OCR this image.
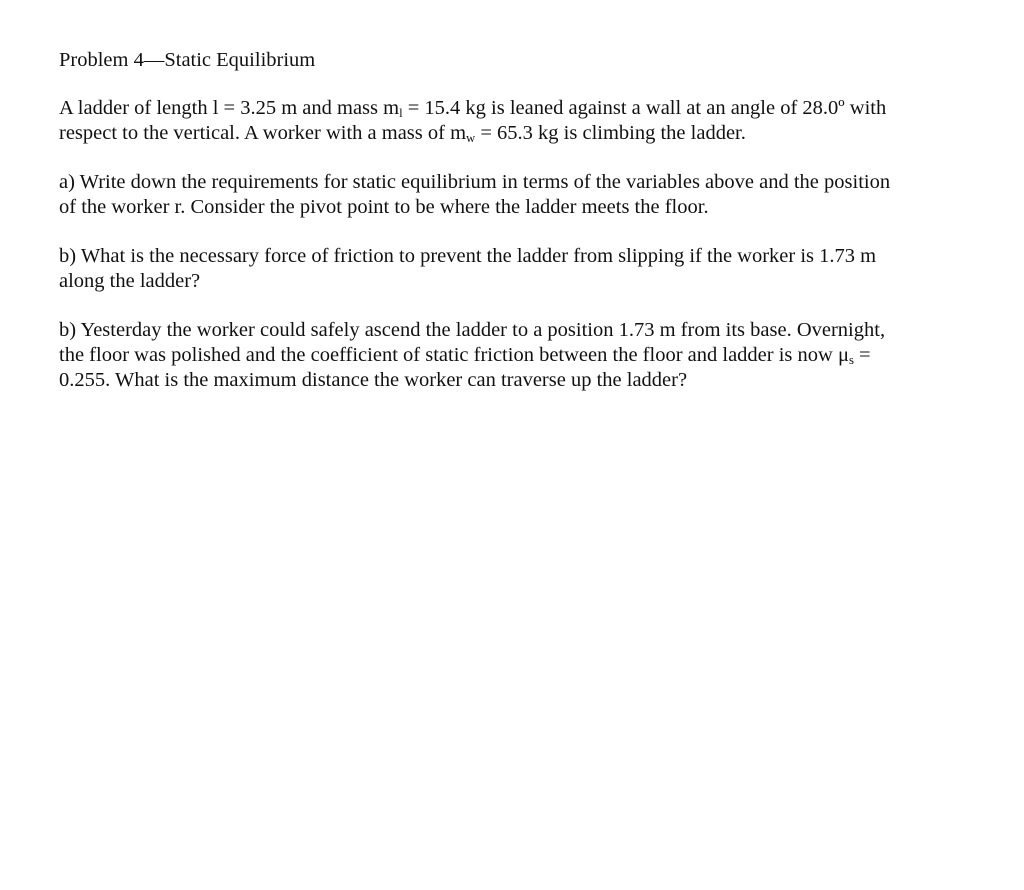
Problem 4—Static Equilibrium

A ladder of length l = 3.25 m and mass $m_l = 15.4$ kg is leaned against a wall at an angle of 28.0º with
respect to the vertical. A worker with a mass of $m_w = 65.3$ kg is climbing the ladder.

a) Write down the requirements for static equilibrium in terms of the variables above and the position
of the worker r. Consider the pivot point to be where the ladder meets the floor.

b) What is the necessary force of friction to prevent the ladder from slipping if the worker is 1.73 m
along the ladder?

b) Yesterday the worker could safely ascend the ladder to a position 1.73 m from its base. Overnight,
the floor was polished and the coefficient of static friction between the floor and ladder is now $\mu_s$ =
0.255. What is the maximum distance the worker can traverse up the ladder?
